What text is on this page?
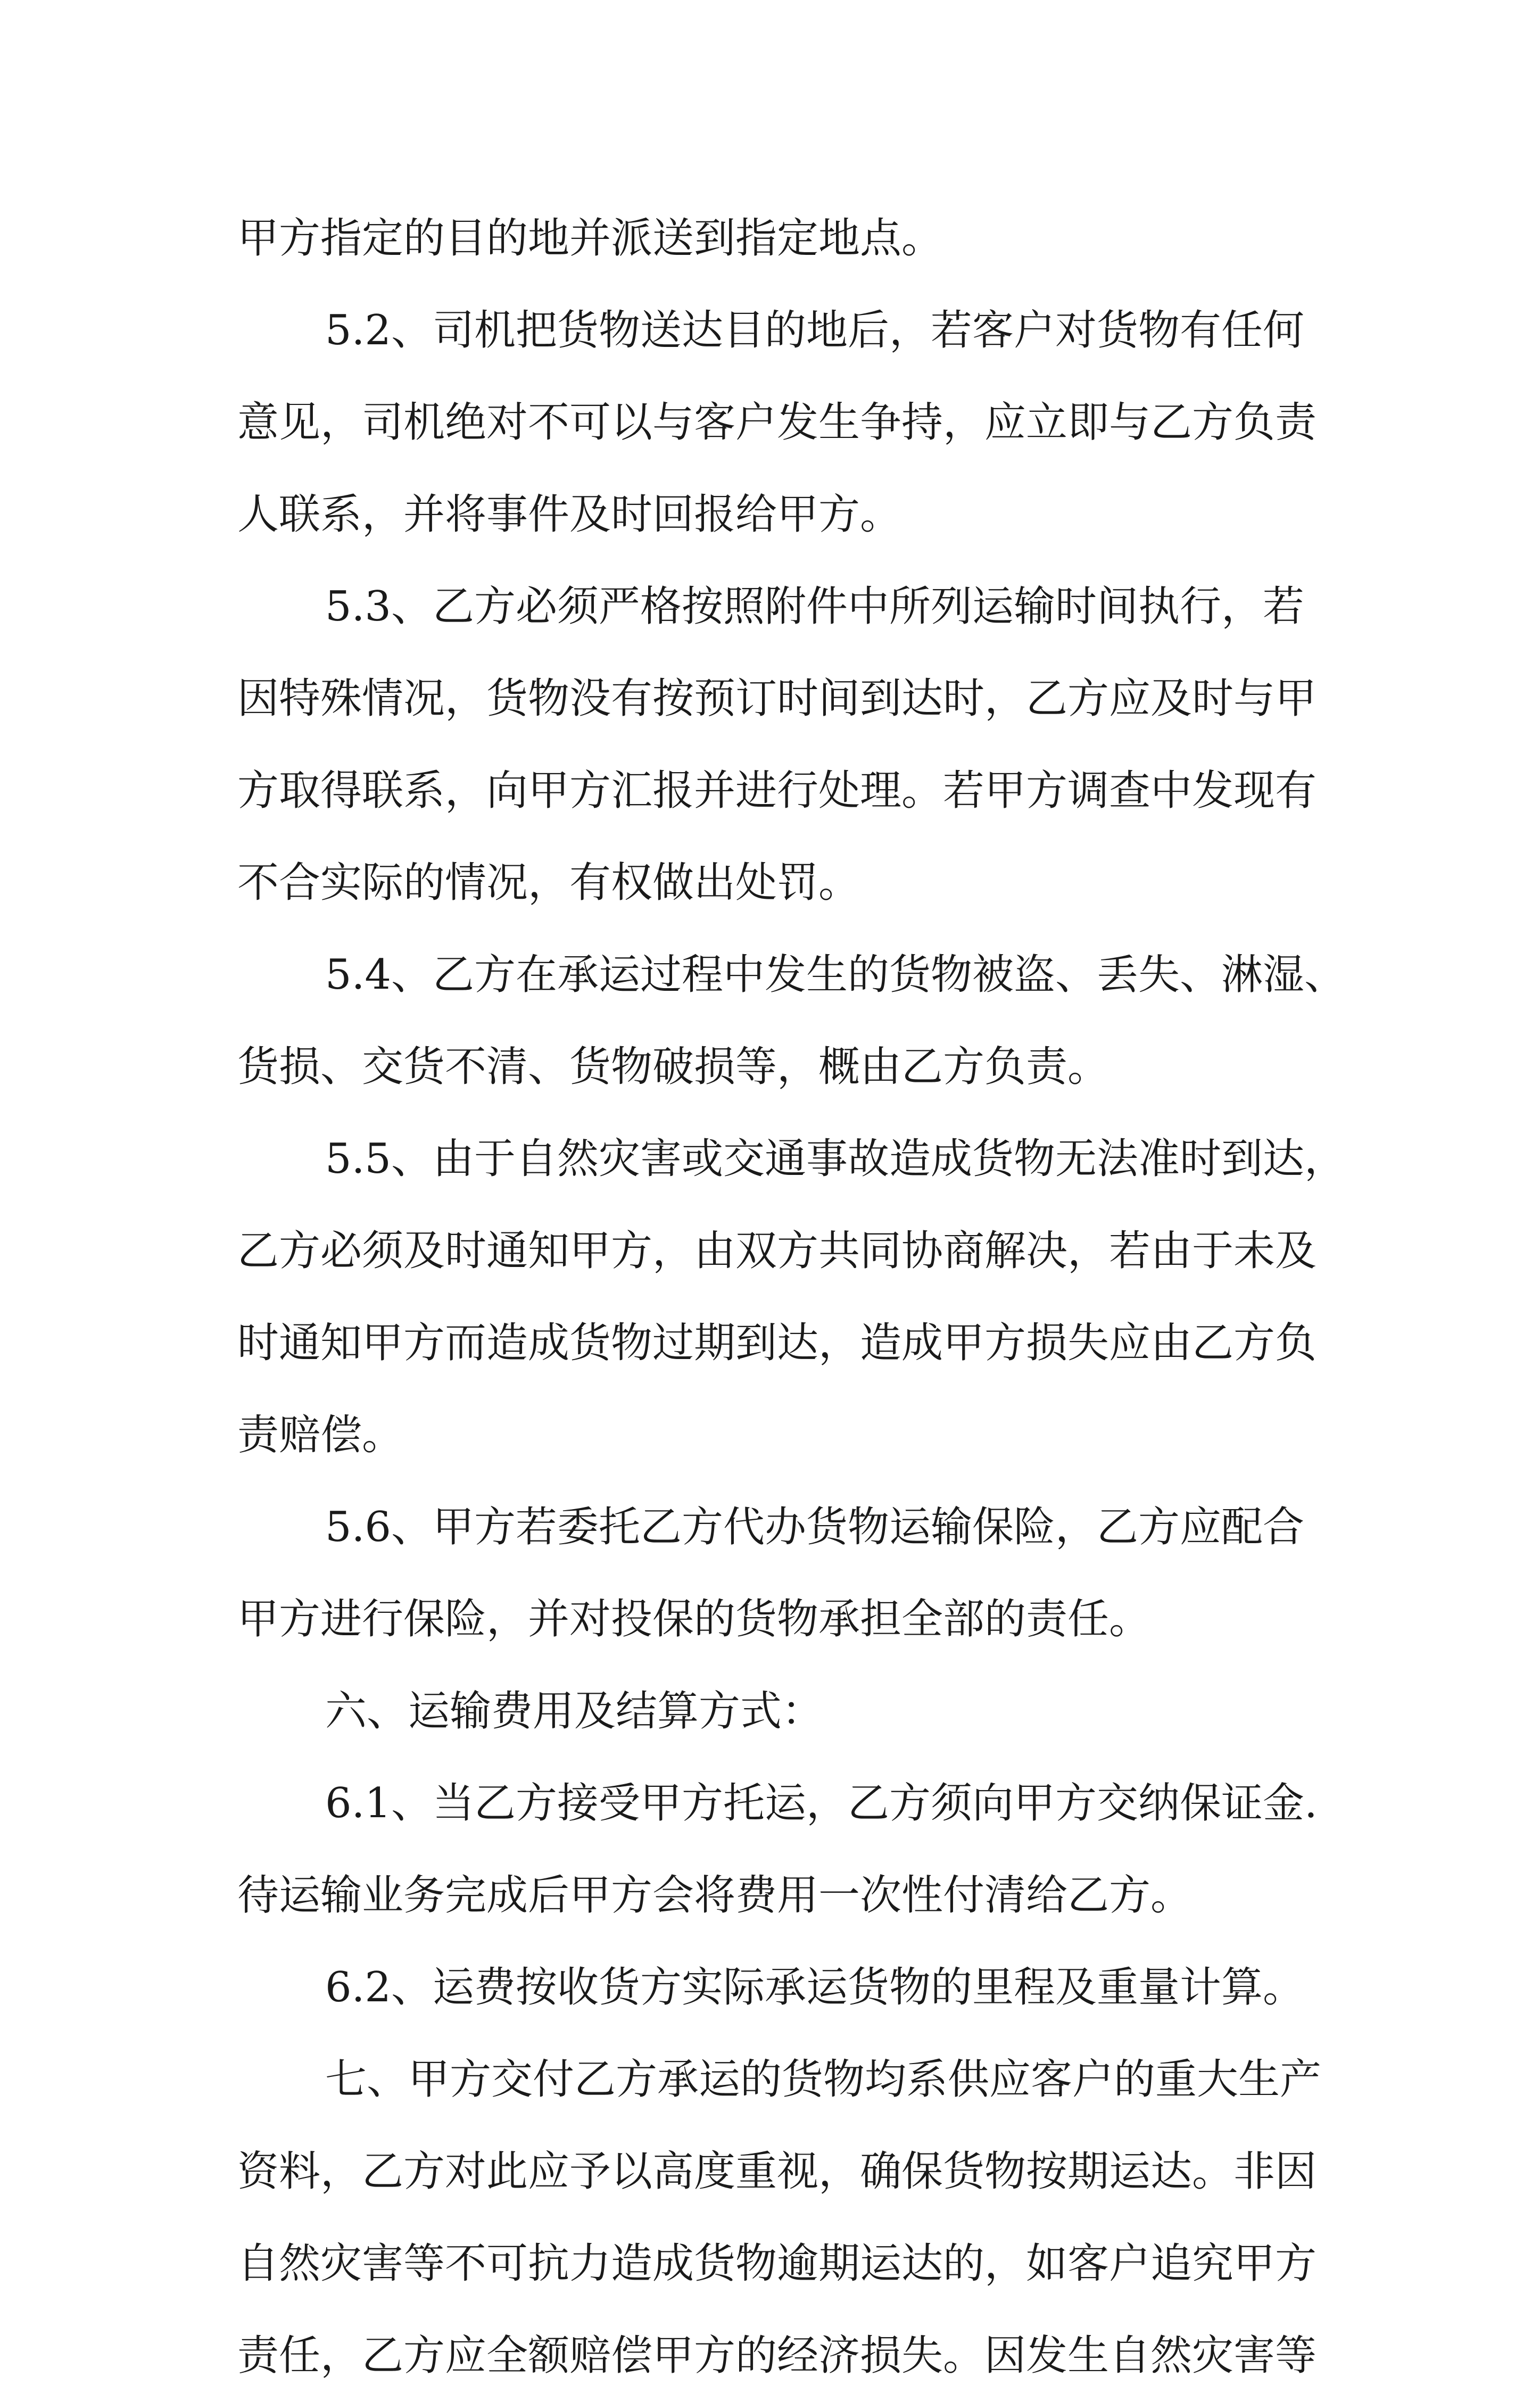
甲方指定的目的地并派送到指定地点。
5.2、司机把货物送达目的地后，若客户对货物有任何
意见，司机绝对不可以与客户发生争持，应立即与乙方负责
人联系，并将事件及时回报给甲方。
5.3、乙方必须严格按照附件中所列运输时间执行，若
因特殊情况，货物没有按预订时间到达时，乙方应及时与甲
方取得联系，向甲方汇报并进行处理。若甲方调查中发现有
不合实际的情况，有权做出处罚。
5.4、乙方在承运过程中发生的货物被盗、丢失、淋湿、
货损、交货不清、货物破损等，概由乙方负责。
5.5、由于自然灾害或交通事故造成货物无法准时到达，
乙方必须及时通知甲方，由双方共同协商解决，若由于未及
时通知甲方而造成货物过期到达，造成甲方损失应由乙方负
责赔偿。
5.6、甲方若委托乙方代办货物运输保险，乙方应配合
甲方进行保险，并对投保的货物承担全部的责任。
六、运输费用及结算方式：
6.1、当乙方接受甲方托运，乙方须向甲方交纳保证金.
待运输业务完成后甲方会将费用一次性付清给乙方。
6.2、运费按收货方实际承运货物的里程及重量计算。
七、甲方交付乙方承运的货物均系供应客户的重大生产
资料，乙方对此应予以高度重视，确保货物按期运达。非因
自然灾害等不可抗力造成货物逾期运达的，如客户追究甲方
责任，乙方应全额赔偿甲方的经济损失。因发生自然灾害等
